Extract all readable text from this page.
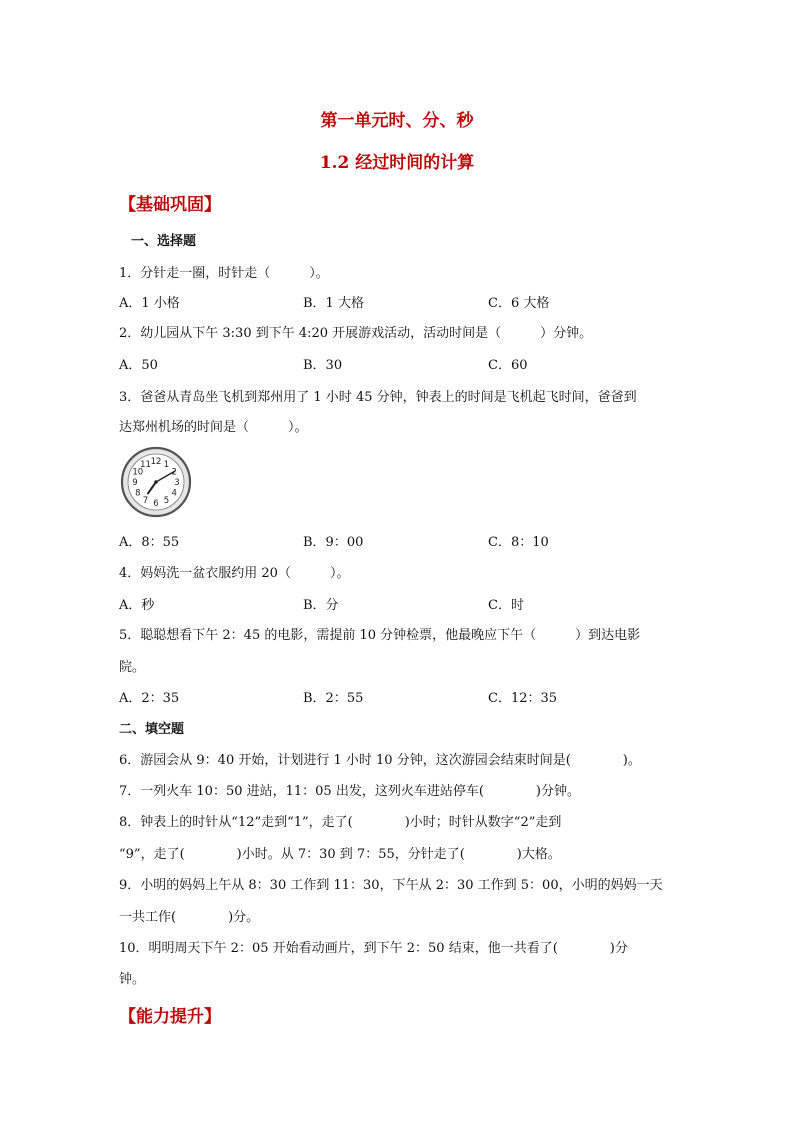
第一单元时、分、秒
1.2 经过时间的计算
【基础巩固】
一、选择题
1．分针走一圈，时针走（　　　）。
A．1 小格	B．1 大格	C．6 大格
2．幼儿园从下午 3:30 到下午 4:20 开展游戏活动，活动时间是（　　　）分钟。
A．50	B．30	C．60
3．爸爸从青岛坐飞机到郑州用了 1 小时 45 分钟，钟表上的时间是飞机起飞时间，爸爸到
达郑州机场的时间是（　　　）。
12 1
2
3
4
5
6
7
8
9
10
11
A．8：55	B．9：00	C．8：10
4．妈妈洗一盆衣服约用 20（　　　）。
A．秒	B．分	C．时
5．聪聪想看下午 2：45 的电影，需提前 10 分钟检票，他最晚应下午（　　　）到达电影
院。
A．2：35	B．2：55	C．12：35
二、填空题
6．游园会从 9：40 开始，计划进行 1 小时 10 分钟，这次游园会结束时间是(　　　　)。
7．一列火车 10：50 进站，11：05 出发，这列火车进站停车(　　　　)分钟。
8．钟表上的时针从“12”走到“1”，走了(　　　　)小时；时针从数字“2”走到
“9”，走了(　　　　)小时。从 7：30 到 7：55，分针走了(　　　　)大格。
9．小明的妈妈上午从 8：30 工作到 11：30，下午从 2：30 工作到 5：00，小明的妈妈一天
一共工作(　　　　)分。
10．明明周天下午 2：05 开始看动画片，到下午 2：50 结束，他一共看了(　　　　)分
钟。
【能力提升】
